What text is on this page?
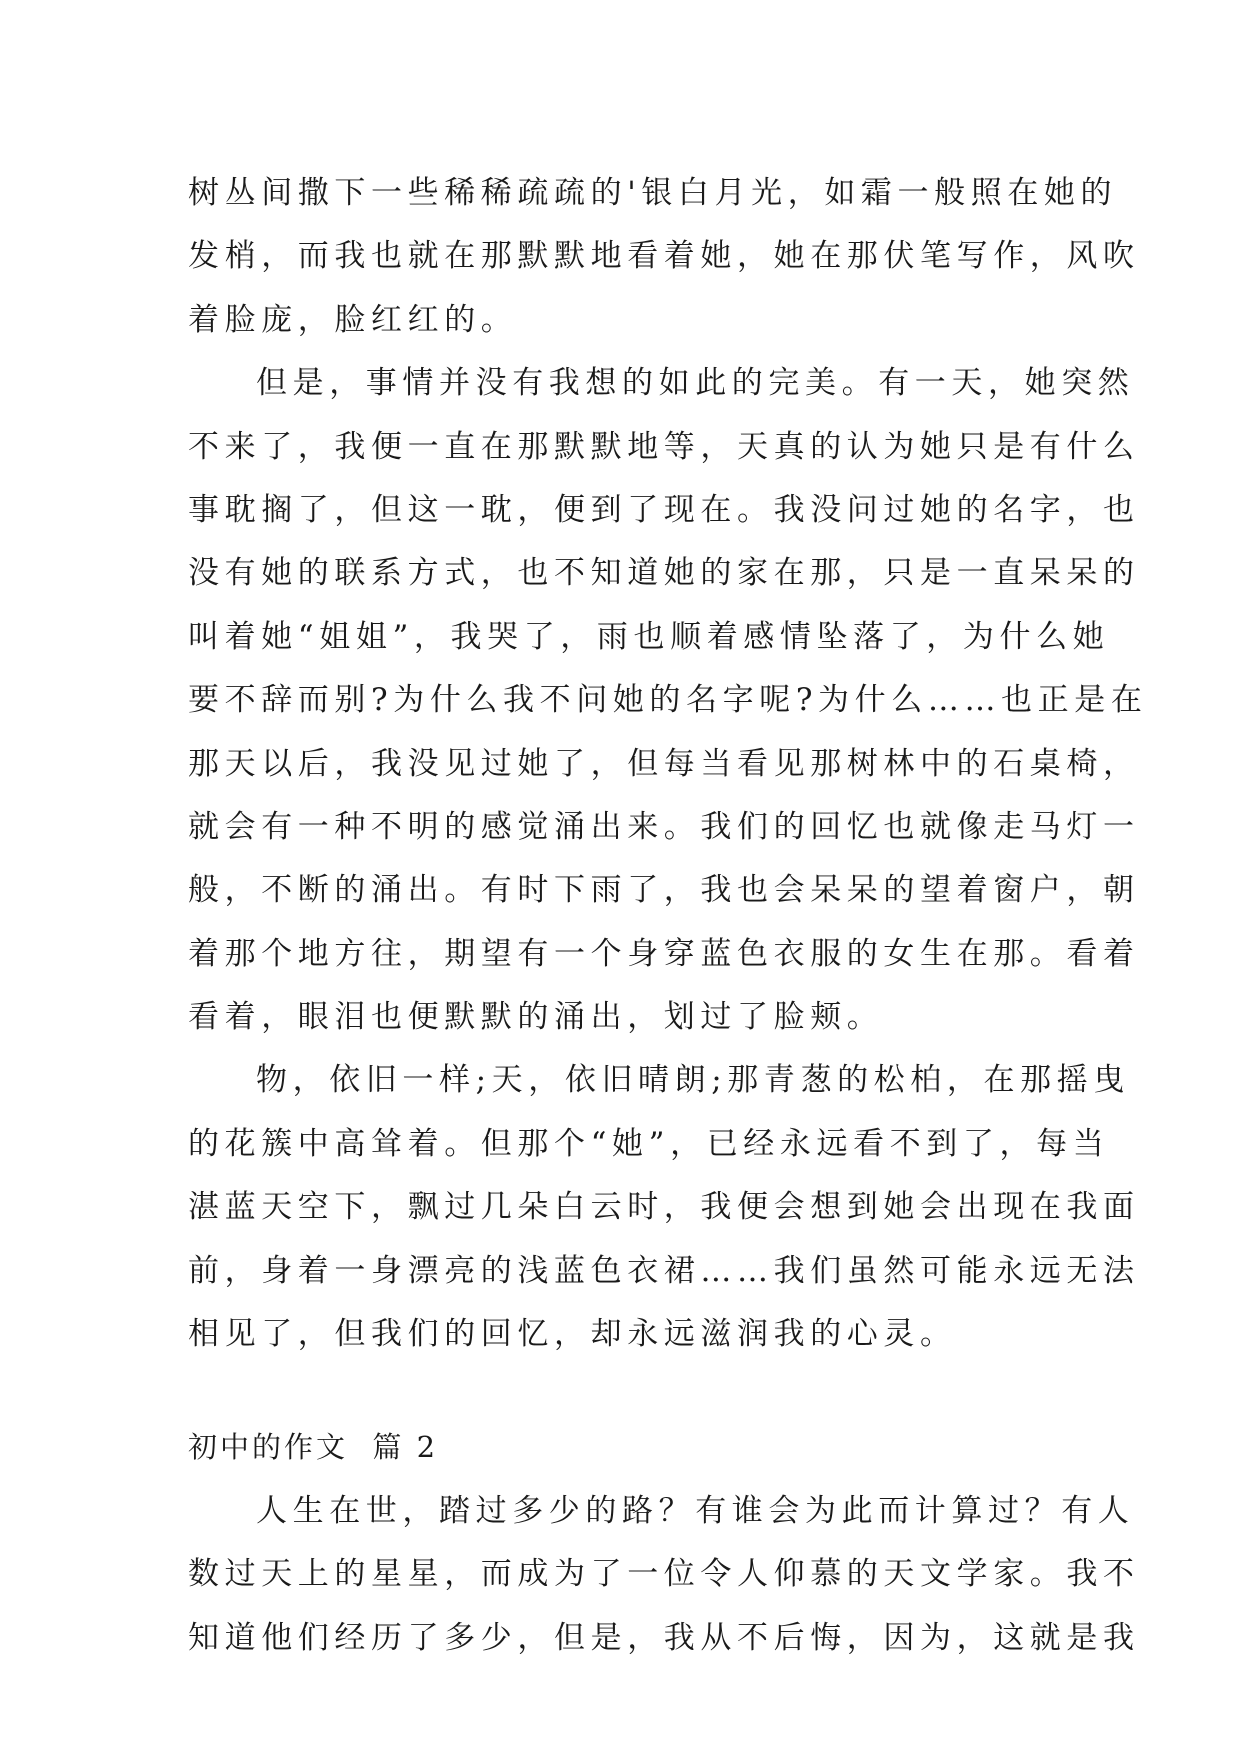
树丛间撒下一些稀稀疏疏的'银白月光，如霜一般照在她的
发梢，而我也就在那默默地看着她，她在那伏笔写作，风吹
着脸庞，脸红红的。
但是，事情并没有我想的如此的完美。有一天，她突然
不来了，我便一直在那默默地等，天真的认为她只是有什么
事耽搁了，但这一耽，便到了现在。我没问过她的名字，也
没有她的联系方式，也不知道她的家在那，只是一直呆呆的
叫着她“姐姐”，我哭了，雨也顺着感情坠落了，为什么她
要不辞而别?为什么我不问她的名字呢?为什么……也正是在
那天以后，我没见过她了，但每当看见那树林中的石桌椅，
就会有一种不明的感觉涌出来。我们的回忆也就像走马灯一
般，不断的涌出。有时下雨了，我也会呆呆的望着窗户，朝
着那个地方往，期望有一个身穿蓝色衣服的女生在那。看着
看着，眼泪也便默默的涌出，划过了脸颊。
物，依旧一样;天，依旧晴朗;那青葱的松柏，在那摇曳
的花簇中高耸着。但那个“她”，已经永远看不到了，每当
湛蓝天空下，飘过几朵白云时，我便会想到她会出现在我面
前，身着一身漂亮的浅蓝色衣裙……我们虽然可能永远无法
相见了，但我们的回忆，却永远滋润我的心灵。
初中的作文  篇 2
人生在世，踏过多少的路？有谁会为此而计算过？有人
数过天上的星星，而成为了一位令人仰慕的天文学家。我不
知道他们经历了多少，但是，我从不后悔，因为，这就是我
